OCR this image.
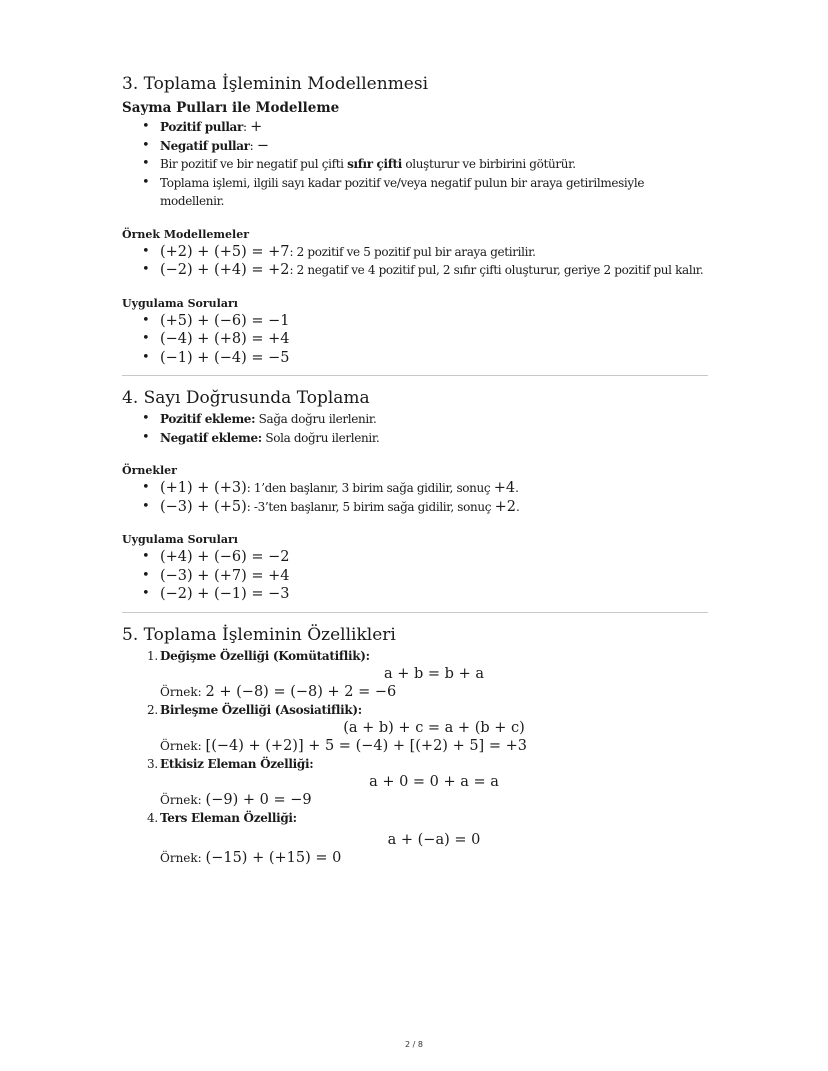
3. Toplama İşleminin Modellenmesi
Sayma Pulları ile Modelleme
• Pozitif pullar: +
• Negatif pullar: −
• Bir pozitif ve bir negatif pul çifti sıfır çifti oluşturur ve birbirini götürür.
• Toplama işlemi, ilgili sayı kadar pozitif ve/veya negatif pulun bir araya getirilmesiyle modellenir.
Örnek Modellemeler
• (+2) + (+5) = +7: 2 pozitif ve 5 pozitif pul bir araya getirilir.
• (−2) + (+4) = +2: 2 negatif ve 4 pozitif pul, 2 sıfır çifti oluşturur, geriye 2 pozitif pul kalır.
Uygulama Soruları
• (+5) + (−6) = −1
• (−4) + (+8) = +4
• (−1) + (−4) = −5
4. Sayı Doğrusunda Toplama
• Pozitif ekleme: Sağa doğru ilerlenir.
• Negatif ekleme: Sola doğru ilerlenir.
Örnekler
• (+1) + (+3): 1’den başlanır, 3 birim sağa gidilir, sonuç +4.
• (−3) + (+5): -3’ten başlanır, 5 birim sağa gidilir, sonuç +2.
Uygulama Soruları
• (+4) + (−6) = −2
• (−3) + (+7) = +4
• (−2) + (−1) = −3
5. Toplama İşleminin Özellikleri
1. Değişme Özelliği (Komütatiflik):
a + b = b + a
Örnek: 2 + (−8) = (−8) + 2 = −6
2. Birleşme Özelliği (Asosiatiflik):
(a + b) + c = a + (b + c)
Örnek: [(−4) + (+2)] + 5 = (−4) + [(+2) + 5] = +3
3. Etkisiz Eleman Özelliği:
a + 0 = 0 + a = a
Örnek: (−9) + 0 = −9
4. Ters Eleman Özelliği:
a + (−a) = 0
Örnek: (−15) + (+15) = 0
2 / 8
